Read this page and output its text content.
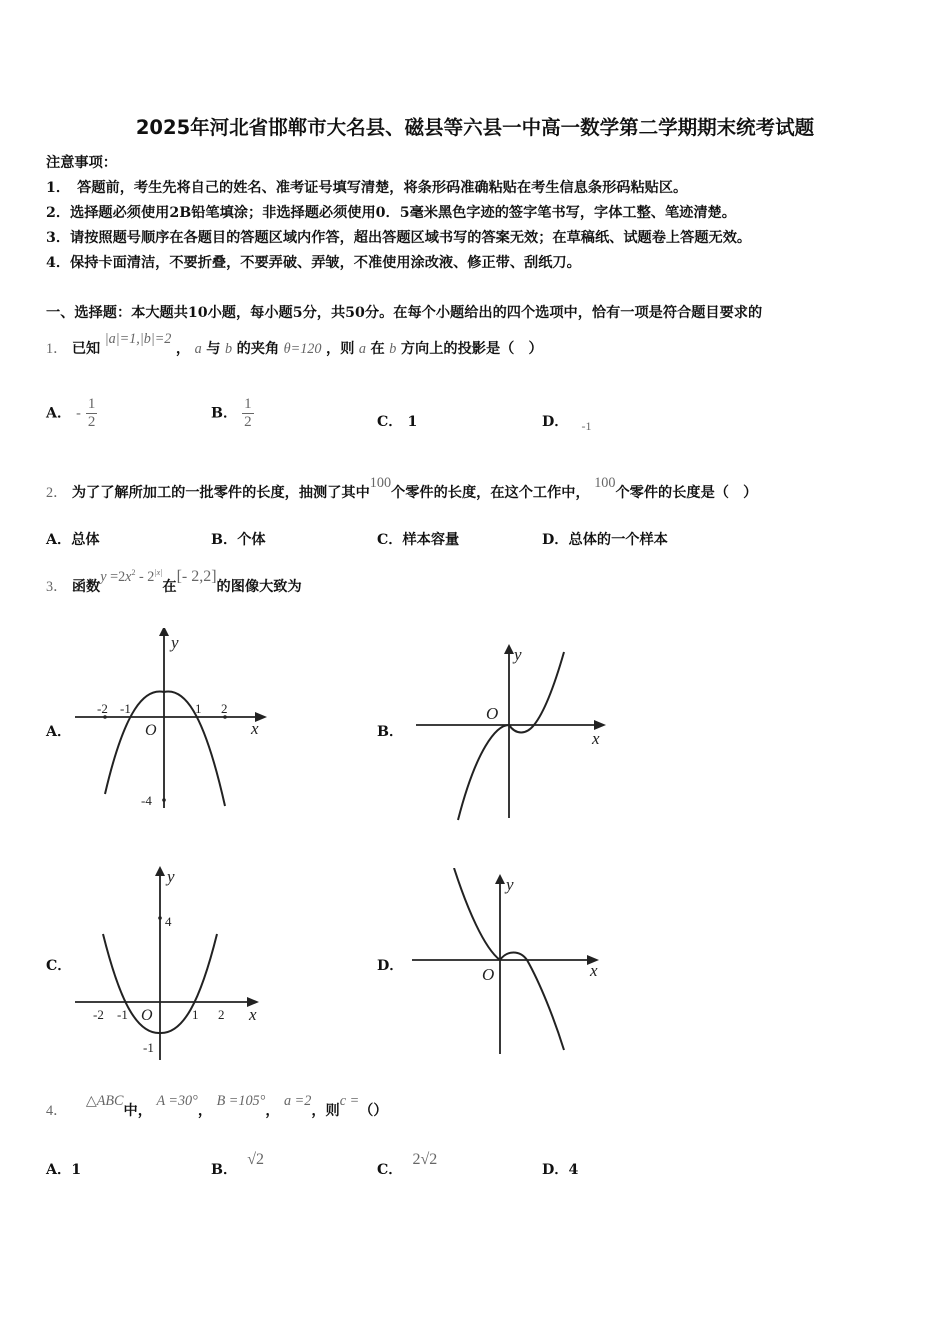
2025年河北省邯郸市大名县、磁县等六县一中高一数学第二学期期末统考试题
注意事项：
1．　答题前，考生先将自己的姓名、准考证号填写清楚，将条形码准确粘贴在考生信息条形码粘贴区。
2．选择题必须使用2B铅笔填涂；非选择题必须使用0．5毫米黑色字迹的签字笔书写，字体工整、笔迹清楚。
3．请按照题号顺序在各题目的答题区域内作答，超出答题区域书写的答案无效；在草稿纸、试题卷上答题无效。
4．保持卡面清洁，不要折叠，不要弄破、弄皱，不准使用涂改液、修正带、刮纸刀。
一、选择题：本大题共10小题，每小题5分，共50分。在每个小题给出的四个选项中，恰有一项是符合题目要求的
1． 已知 |a|=1,|b|=2 ， a 与 b 的夹角 θ=120 ，则 a 在 b 方向上的投影是（　）
A． - $\frac{1}{2}$	B． $\frac{1}{2}$	C． 1	D． $_{-1}$
2． 为了了解所加工的一批零件的长度，抽测了其中100个零件的长度，在这个工作中， 100个零件的长度是（　）
A．总体	B．个体	C．样本容量	D．总体的一个样本
3． 函数$y =2x^2 - 2^{|x|}$在[- 2,2]的图像大致为
A．	B．
C．	D．
-2 -1	1 2
-4
O	x
y
O
x
y
4
-2 -1	1 2
-1
O	x
y
O	x
y
4． △ABC中， A =30°， B =105°， a =2，则c =（）
A．1	B．√2
C．2√2
D．4
